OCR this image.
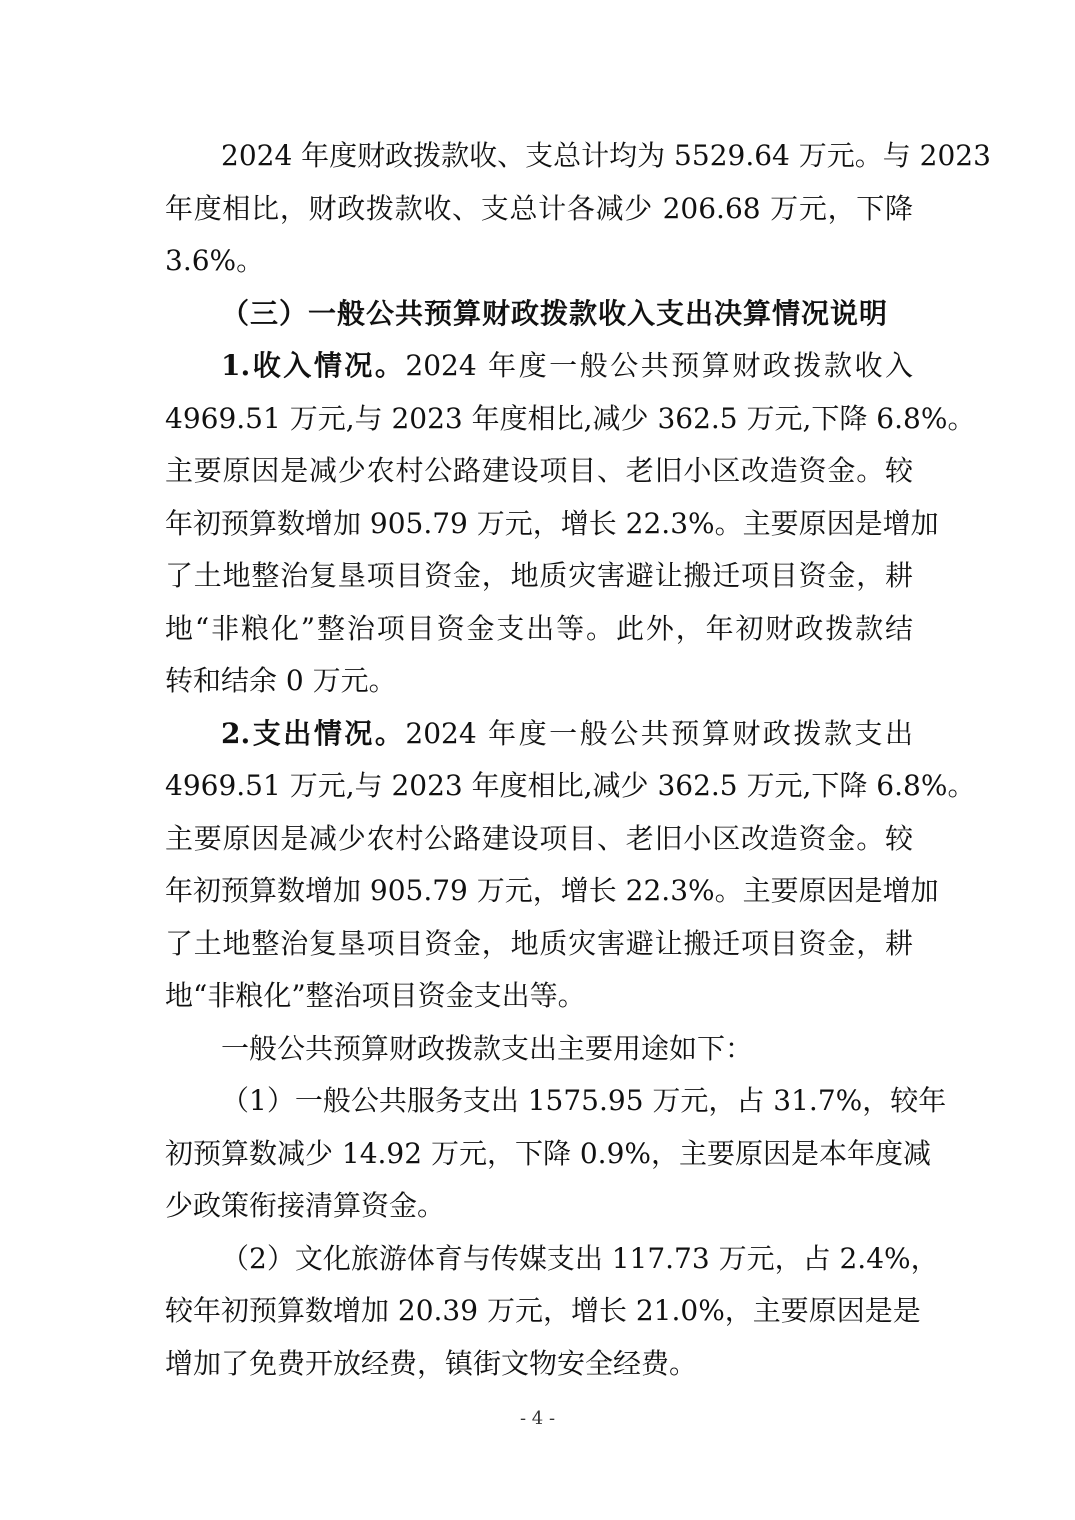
2024 年度财政拨款收、支总计均为 5529.64 万元。与 2023
年度相比，财政拨款收、支总计各减少 206.68 万元，下降
3.6%。
（三）一般公共预算财政拨款收入支出决算情况说明
1.收入情况。2024 年度一般公共预算财政拨款收入
4969.51 万元,与 2023 年度相比,减少 362.5 万元,下降 6.8%。
主要原因是减少农村公路建设项目、老旧小区改造资金。较
年初预算数增加 905.79 万元，增长 22.3%。主要原因是增加
了土地整治复垦项目资金，地质灾害避让搬迁项目资金，耕
地“非粮化”整治项目资金支出等。此外，年初财政拨款结
转和结余 0 万元。
2.支出情况。2024 年度一般公共预算财政拨款支出
4969.51 万元,与 2023 年度相比,减少 362.5 万元,下降 6.8%。
主要原因是减少农村公路建设项目、老旧小区改造资金。较
年初预算数增加 905.79 万元，增长 22.3%。主要原因是增加
了土地整治复垦项目资金，地质灾害避让搬迁项目资金，耕
地“非粮化”整治项目资金支出等。
一般公共预算财政拨款支出主要用途如下：
（1）一般公共服务支出 1575.95 万元，占 31.7%，较年
初预算数减少 14.92 万元，下降 0.9%，主要原因是本年度减
少政策衔接清算资金。
（2）文化旅游体育与传媒支出 117.73 万元，占 2.4%，
较年初预算数增加 20.39 万元，增长 21.0%，主要原因是是
增加了免费开放经费，镇街文物安全经费。
- 4 -
